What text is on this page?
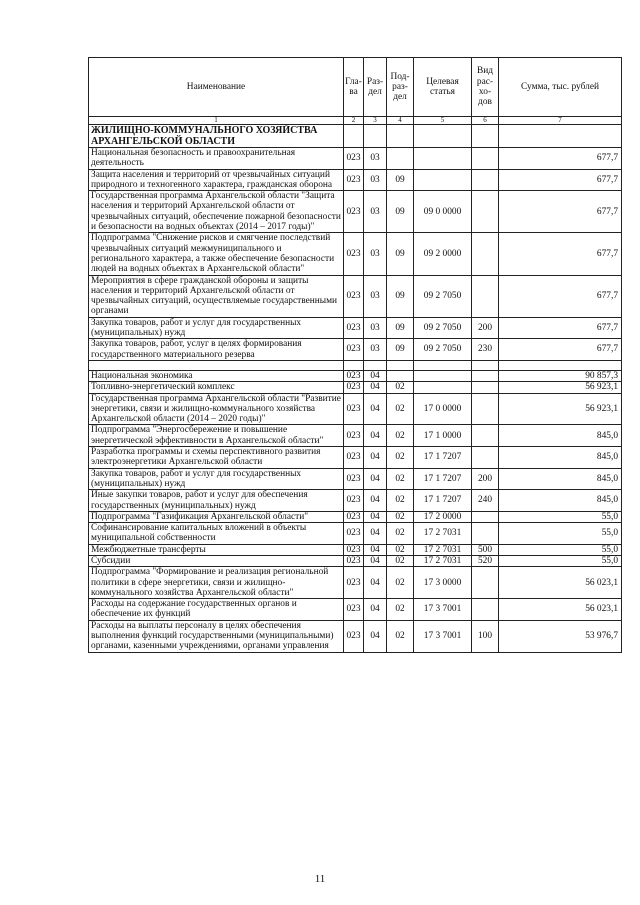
Наименование	Гла-ва	Раз-дел	Под-раз-дел	Целевая статья	Вид рас-хо-дов	Сумма, тыс. рублей
1	2	3	4	5	6	7
ЖИЛИЩНО-КОММУНАЛЬНОГО ХОЗЯЙСТВА АРХАНГЕЛЬСКОЙ ОБЛАСТИ						
Национальная безопасность и правоохранительная деятельность	023	03				677,7
Защита населения и территорий от чрезвычайных ситуаций природного и техногенного характера, гражданская оборона	023	03	09			677,7
Государственная программа Архангельской области "Защита населения и территорий Архангельской области от чрезвычайных ситуаций, обеспечение пожарной безопасности и безопасности на водных объектах (2014 – 2017 годы)"	023	03	09	09 0 0000		677,7
Подпрограмма "Снижение рисков и смягчение последствий чрезвычайных ситуаций межмуниципального и регионального характера, а также обеспечение безопасности людей на водных объектах в Архангельской области"	023	03	09	09 2 0000		677,7
Мероприятия в сфере гражданской обороны и защиты населения и территорий Архангельской области от чрезвычайных ситуаций, осуществляемые государственными органами	023	03	09	09 2 7050		677,7
Закупка товаров, работ и услуг для государственных (муниципальных) нужд	023	03	09	09 2 7050	200	677,7
Закупка товаров, работ, услуг в целях формирования государственного материального резерва	023	03	09	09 2 7050	230	677,7

Национальная экономика	023	04				90 857,3
Топливно-энергетический комплекс	023	04	02			56 923,1
Государственная программа Архангельской области "Развитие энергетики, связи и жилищно-коммунального хозяйства Архангельской области (2014 – 2020 годы)"	023	04	02	17 0 0000		56 923,1
Подпрограмма "Энергосбережение и повышение энергетической эффективности в Архангельской области"	023	04	02	17 1 0000		845,0
Разработка программы и схемы перспективного развития электроэнергетики Архангельской области	023	04	02	17 1 7207		845,0
Закупка товаров, работ и услуг для государственных (муниципальных) нужд	023	04	02	17 1 7207	200	845,0
Иные закупки товаров, работ и услуг для обеспечения государственных (муниципальных) нужд	023	04	02	17 1 7207	240	845,0
Подпрограмма "Газификация Архангельской области"	023	04	02	17 2 0000		55,0
Софинансирование капитальных вложений в объекты муниципальной собственности	023	04	02	17 2 7031		55,0
Межбюджетные трансферты	023	04	02	17 2 7031	500	55,0
Субсидии	023	04	02	17 2 7031	520	55,0
Подпрограмма "Формирование и реализация региональной политики в сфере энергетики, связи и жилищно-коммунального хозяйства Архангельской области"	023	04	02	17 3 0000		56 023,1
Расходы на содержание государственных органов и обеспечение их функций	023	04	02	17 3 7001		56 023,1
Расходы на выплаты персоналу в целях обеспечения выполнения функций государственными (муниципальными) органами, казенными учреждениями, органами управления	023	04	02	17 3 7001	100	53 976,7
11
